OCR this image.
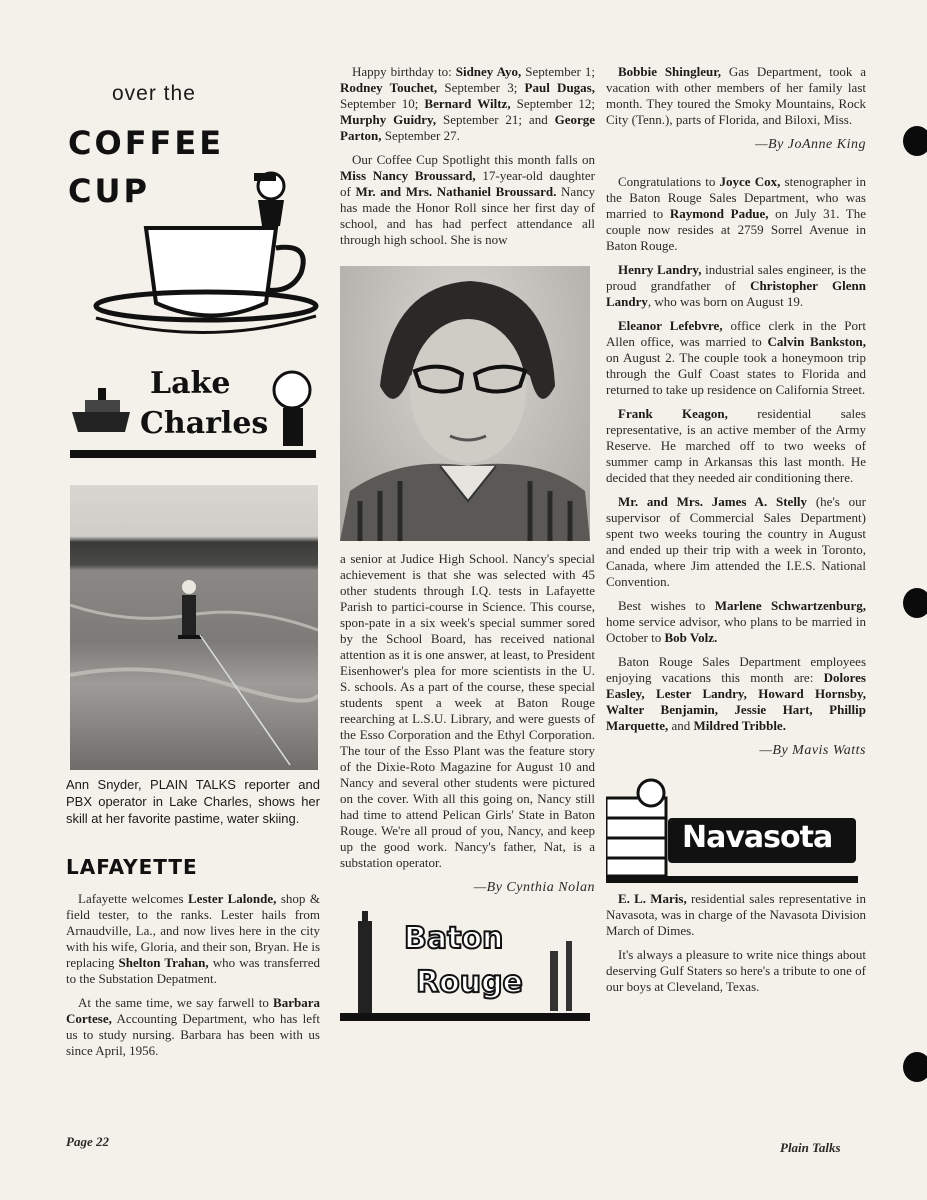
over the
COFFEE
CUP
Lake
Charles
Ann Snyder, PLAIN TALKS reporter and PBX operator in Lake Charles, shows her skill at her favorite pastime, water skiing.
LAFAYETTE

Lafayette welcomes Lester Lalonde, shop & field tester, to the ranks. Lester hails from Arnaudville, La., and now lives here in the city with his wife, Gloria, and their son, Bryan. He is replacing Shelton Trahan, who was transferred to the Substation Depatment.

At the same time, we say farwell to Barbara Cortese, Accounting Department, who has left us to study nursing. Barbara has been with us since April, 1956.

Page 22

Happy birthday to: Sidney Ayo, September 1; Rodney Touchet, September 3; Paul Dugas, September 10; Bernard Wiltz, September 12; Murphy Guidry, September 21; and George Parton, September 27.

Our Coffee Cup Spotlight this month falls on Miss Nancy Broussard, 17-year-old daughter of Mr. and Mrs. Nathaniel Broussard. Nancy has made the Honor Roll since her first day of school, and has had perfect attendance all through high school. She is now

a senior at Judice High School. Nancy's special achievement is that she was selected with 45 other students through I.Q. tests in Lafayette Parish to partici-course in Science. This course, spon-pate in a six week's special summer sored by the School Board, has received national attention as it is one answer, at least, to President Eisenhower's plea for more scientists in the U. S. schools. As a part of the course, these special students spent a week at Baton Rouge reearching at L.S.U. Library, and were guests of the Esso Corporation and the Ethyl Corporation. The tour of the Esso Plant was the feature story of the Dixie-Roto Magazine for August 10 and Nancy and several other students were pictured on the cover. With all this going on, Nancy still had time to attend Pelican Girls' State in Baton Rouge. We're all proud of you, Nancy, and keep up the good work. Nancy's father, Nat, is a substation operator.

—By Cynthia Nolan
Baton
Rouge

Bobbie Shingleur, Gas Department, took a vacation with other members of her family last month. They toured the Smoky Mountains, Rock City (Tenn.), parts of Florida, and Biloxi, Miss.

—By JoAnne King

Congratulations to Joyce Cox, stenographer in the Baton Rouge Sales Department, who was married to Raymond Padue, on July 31. The couple now resides at 2759 Sorrel Avenue in Baton Rouge.

Henry Landry, industrial sales engineer, is the proud grandfather of Christopher Glenn Landry, who was born on August 19.

Eleanor Lefebvre, office clerk in the Port Allen office, was married to Calvin Bankston, on August 2. The couple took a honeymoon trip through the Gulf Coast states to Florida and returned to take up residence on California Street.

Frank Keagon, residential sales representative, is an active member of the Army Reserve. He marched off to two weeks of summer camp in Arkansas this last month. He decided that they needed air conditioning there.

Mr. and Mrs. James A. Stelly (he's our supervisor of Commercial Sales Department) spent two weeks touring the country in August and ended up their trip with a week in Toronto, Canada, where Jim attended the I.E.S. National Convention.

Best wishes to Marlene Schwartzenburg, home service advisor, who plans to be married in October to Bob Volz.

Baton Rouge Sales Department employees enjoying vacations this month are: Dolores Easley, Lester Landry, Howard Hornsby, Walter Benjamin, Jessie Hart, Phillip Marquette, and Mildred Tribble.

—By Mavis Watts
Navasota

E. L. Maris, residential sales representative in Navasota, was in charge of the Navasota Division March of Dimes.

It's always a pleasure to write nice things about deserving Gulf Staters so here's a tribute to one of our boys at Cleveland, Texas.

Plain Talks
